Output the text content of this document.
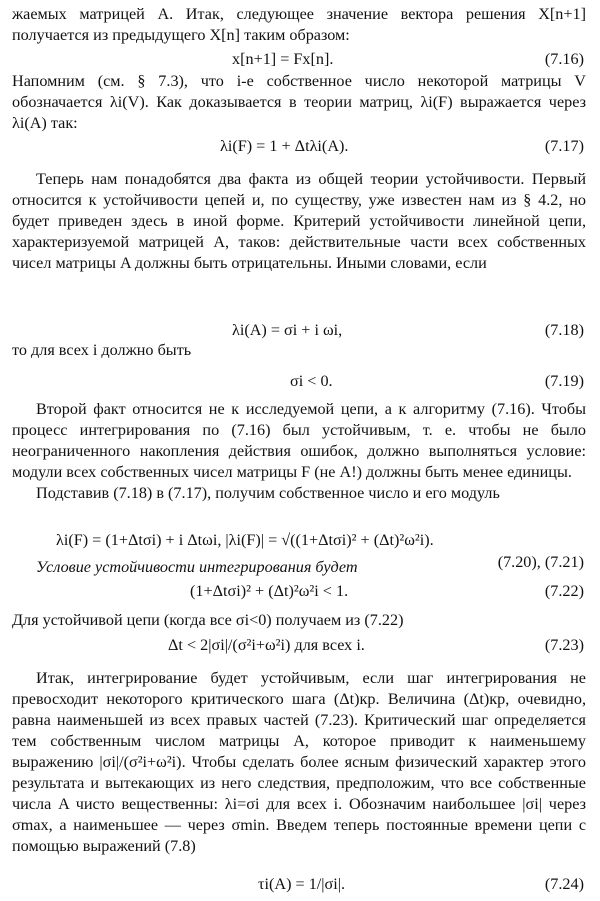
жаемых матрицей A. Итак, следующее значение вектора решения X[n+1] получается из предыдущего X[n] таким образом:

x[n+1] = Fx[n].	(7.16)

Напомним (см. § 7.3), что i-е собственное число некоторой матрицы V обозначается λi(V). Как доказывается в теории матриц, λi(F) выражается через λi(A) так:

λi(F) = 1 + Δtλi(A).	(7.17)

Теперь нам понадобятся два факта из общей теории устойчивости. Первый относится к устойчивости цепей и, по существу, уже известен нам из § 4.2, но будет приведен здесь в иной форме. Критерий устойчивости линейной цепи, характеризуемой матрицей A, таков: действительные части всех собственных чисел матрицы A должны быть отрицательны. Иными словами, если

λi(A) = σi + i ωi,	(7.18)

то для всех i должно быть

σi < 0.	(7.19)

Второй факт относится не к исследуемой цепи, а к алгоритму (7.16). Чтобы процесс интегрирования по (7.16) был устойчивым, т. е. чтобы не было неограниченного накопления действия ошибок, должно выполняться условие: модули всех собственных чисел матрицы F (не A!) должны быть менее единицы.

Подставив (7.18) в (7.17), получим собственное число и его модуль

λi(F) = (1+Δtσi) + i Δtωi, |λi(F)| = √((1+Δtσi)² + (Δt)²ω²i).
(7.20), (7.21)

Условие устойчивости интегрирования будет

(1+Δtσi)² + (Δt)²ω²i < 1.	(7.22)

Для устойчивой цепи (когда все σi<0) получаем из (7.22)

Δt < 2|σi|/(σ²i+ω²i) для всех i.	(7.23)

Итак, интегрирование будет устойчивым, если шаг интегрирования не превосходит некоторого критического шага (Δt)кр. Величина (Δt)кр, очевидно, равна наименьшей из всех правых частей (7.23). Критический шаг определяется тем собственным числом матрицы A, которое приводит к наименьшему выражению |σi|/(σ²i+ω²i). Чтобы сделать более ясным физический характер этого результата и вытекающих из него следствия, предположим, что все собственные числа A чисто вещественны: λi=σi для всех i. Обозначим наибольшее |σi| через σmax, а наименьшее — через σmin. Введем теперь постоянные времени цепи с помощью выражений (7.8)

τi(A) = 1/|σi|.	(7.24)
